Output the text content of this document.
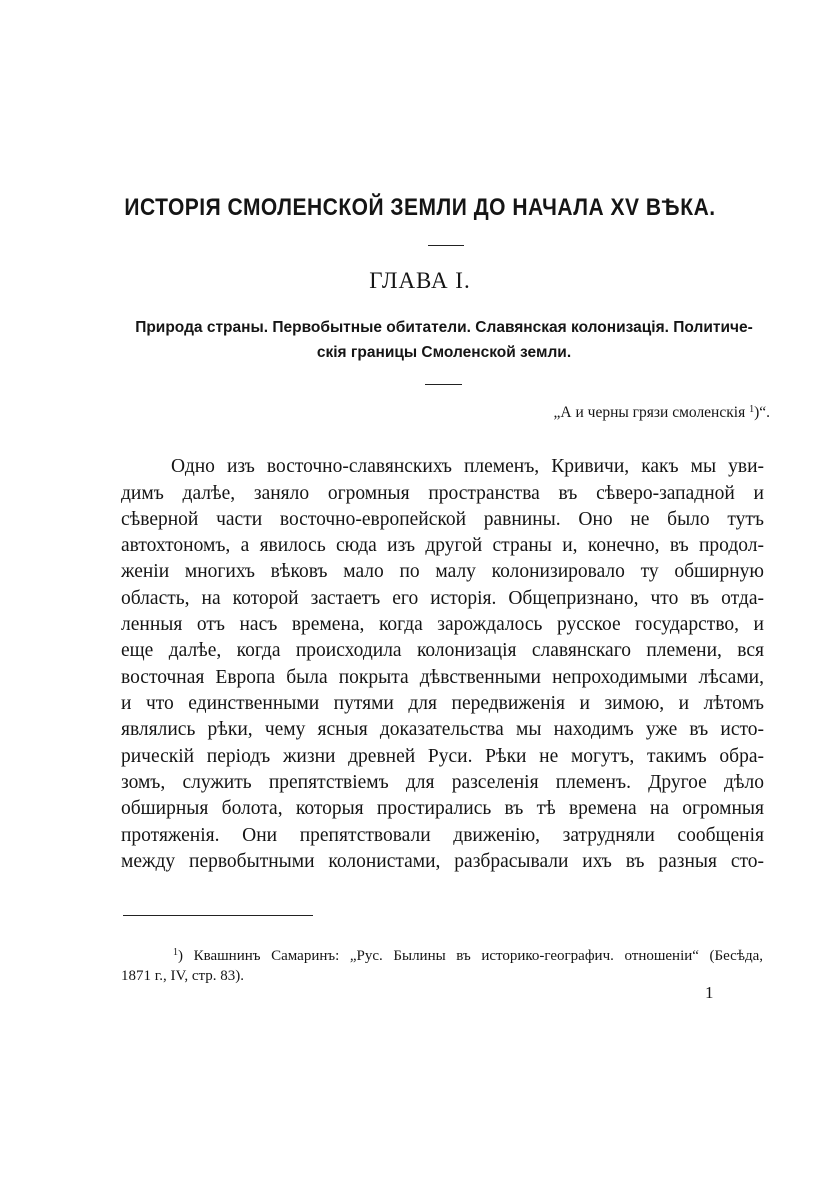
ИСТОРІЯ СМОЛЕНСКОЙ ЗЕМЛИ ДО НАЧАЛА XV ВѢКА.
ГЛАВА I.
Природа страны. Первобытные обитатели. Славянская колонизація. Политиче-
скія границы Смоленской земли.
„А и черны грязи смоленскія $^1$)“.
Одно изъ восточно-славянскихъ племенъ, Кривичи, какъ мы уви-
димъ далѣе, заняло огромныя пространства въ сѣверо-западной и
сѣверной части восточно-европейской равнины. Оно не было тутъ
автохтономъ, а явилось сюда изъ другой страны и, конечно, въ продол-
женіи многихъ вѣковъ мало по малу колонизировало ту обширную
область, на которой застаетъ его исторія. Общепризнано, что въ отда-
ленныя отъ насъ времена, когда зарождалось русское государство, и
еще далѣе, когда происходила колонизація славянскаго племени, вся
восточная Европа была покрыта дѣвственными непроходимыми лѣсами,
и что единственными путями для передвиженія и зимою, и лѣтомъ
являлись рѣки, чему ясныя доказательства мы находимъ уже въ исто-
рическій періодъ жизни древней Руси. Рѣки не могутъ, такимъ обра-
зомъ, служить препятствіемъ для разселенія племенъ. Другое дѣло
обширныя болота, которыя простирались въ тѣ времена на огромныя
протяженія. Они препятствовали движенію, затрудняли сообщенія
между первобытными колонистами, разбрасывали ихъ въ разныя сто-
$^1$) Квашнинъ Самаринъ: „Рус. Былины въ историко-географич. отношеніи“ (Бесѣда,
1871 г., IV, стр. 83).
1
